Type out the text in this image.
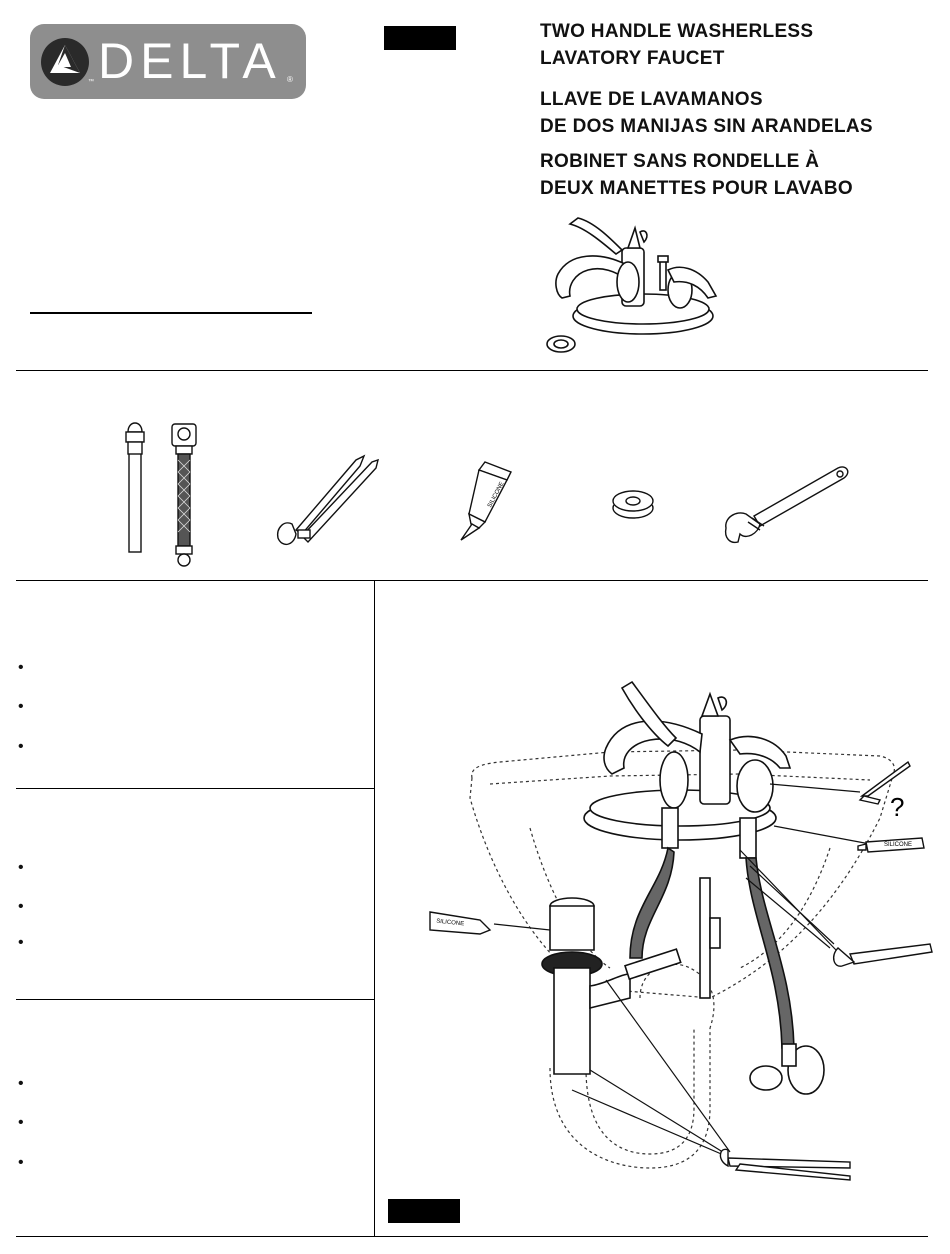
™ DELTA ®
TWO HANDLE WASHERLESS
LAVATORY FAUCET
LLAVE DE LAVAMANOS
DE DOS MANIJAS SIN ARANDELAS
ROBINET SANS RONDELLE À
DEUX MANETTES POUR LAVABO
SILICONE
•
•
•
•
•
•
•
•
•
?
SILICONE
SILICONE
